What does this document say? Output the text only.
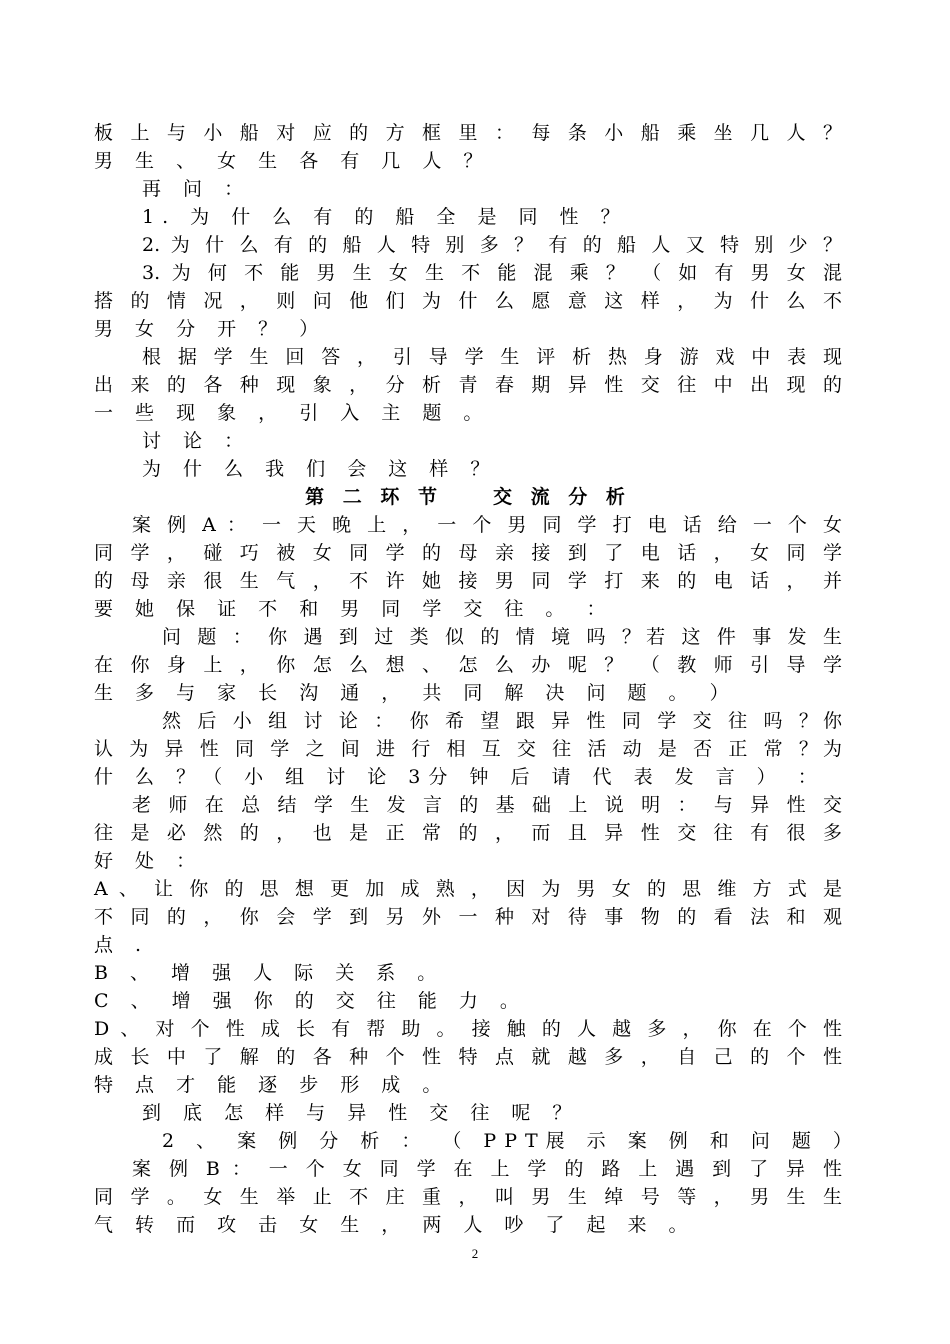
板 上 与 小 船 对 应 的 方 框 里 ： 每 条 小 船 乘 坐 几 人 ？
男 生 、 女 生 各 有 几 人 ？
再 问 ：
1. 为 什 么 有 的 船 全 是 同 性 ？
2. 为 什 么 有 的 船 人 特 别 多 ？ 有 的 船 人 又 特 别 少 ？
3. 为 何 不 能 男 生 女 生 不 能 混 乘 ？ （ 如 有 男 女 混
搭 的 情 况 ， 则 问 他 们 为 什 么 愿 意 这 样 ， 为 什 么 不
男 女 分 开 ？ ）
根 据 学 生 回 答 ， 引 导 学 生 评 析 热 身 游 戏 中 表 现
出 来 的 各 种 现 象 ， 分 析 青 春 期 异 性 交 往 中 出 现 的
一 些 现 象 ， 引 入 主 题 。
讨 论 ：
为 什 么 我 们 会 这 样 ？
第 二 环 节　　交 流 分 析
案 例 A ： 一 天 晚 上 ， 一 个 男 同 学 打 电 话 给 一 个 女
同 学 ， 碰 巧 被 女 同 学 的 母 亲 接 到 了 电 话 ， 女 同 学
的 母 亲 很 生 气 ， 不 许 她 接 男 同 学 打 来 的 电 话 ， 并
要 她 保 证 不 和 男 同 学 交 往 。 ：
问 题 ： 你 遇 到 过 类 似 的 情 境 吗 ？若 这 件 事 发 生
在 你 身 上 ， 你 怎 么 想 、 怎 么 办 呢 ？ （ 教 师 引 导 学
生 多 与 家 长 沟 通 ， 共 同 解 决 问 题 。 ）
然 后 小 组 讨 论 ： 你 希 望 跟 异 性 同 学 交 往 吗 ？你
认 为 异 性 同 学 之 间 进 行 相 互 交 往 活 动 是 否 正 常 ？为
什 么 ？（ 小 组 讨 论 3分 钟 后 请 代 表 发 言 ） ：
老 师 在 总 结 学 生 发 言 的 基 础 上 说 明 ： 与 异 性 交
往 是 必 然 的 ， 也 是 正 常 的 ， 而 且 异 性 交 往 有 很 多
好 处 ：
A 、 让 你 的 思 想 更 加 成 熟 ， 因 为 男 女 的 思 维 方 式 是
不 同 的 ， 你 会 学 到 另 外 一 种 对 待 事 物 的 看 法 和 观
点 .
B 、 增 强 人 际 关 系 。
C 、 增 强 你 的 交 往 能 力 。
D 、 对 个 性 成 长 有 帮 助 。 接 触 的 人 越 多 ， 你 在 个 性
成 长 中 了 解 的 各 种 个 性 特 点 就 越 多 ， 自 己 的 个 性
特 点 才 能 逐 步 形 成 。
到 底 怎 样 与 异 性 交 往 呢 ？
2 、 案 例 分 析 ： （ PPT展 示 案 例 和 问 题 ）
案 例 B ： 一 个 女 同 学 在 上 学 的 路 上 遇 到 了 异 性
同 学 。 女 生 举 止 不 庄 重 ， 叫 男 生 绰 号 等 ， 男 生 生
气 转 而 攻 击 女 生 ， 两 人 吵 了 起 来 。
2
